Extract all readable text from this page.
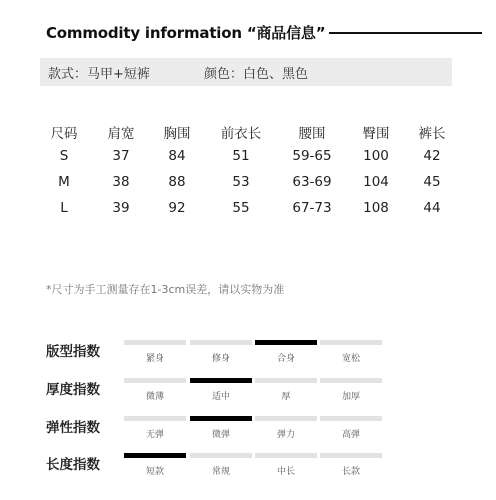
Commodity information “商品信息”
款式：马甲+短裤	颜色：白色、黑色
尺码	肩宽	胸围	前衣长	腰围	臀围	裤长
S	37	84	51	59-65	100	42
M	38	88	53	63-69	104	45
L	39	92	55	67-73	108	44
*尺寸为手工测量存在1-3cm误差，请以实物为准
版型指数	紧身	修身	合身	宽松
厚度指数	微薄	适中	厚	加厚
弹性指数	无弹	微弹	弹力	高弹
长度指数	短款	常规	中长	长款
